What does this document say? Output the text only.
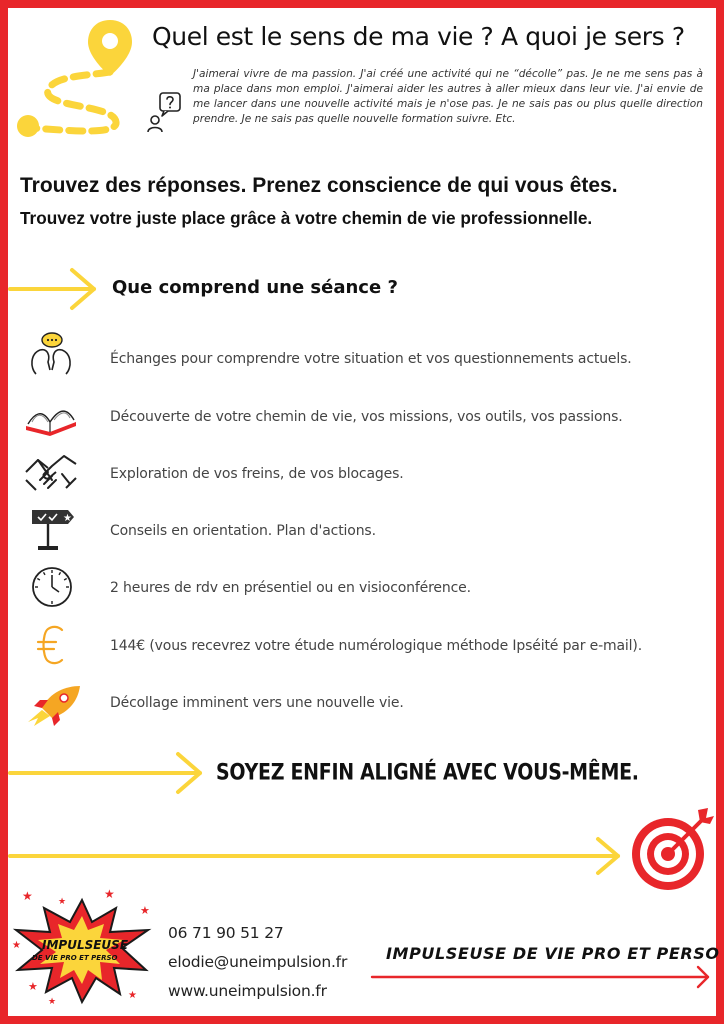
Quel est le sens de ma vie ? A quoi je sers ?
J'aimerai vivre de ma passion. J'ai créé une activité qui ne “décolle” pas. Je ne me sens pas à ma place dans mon emploi. J'aimerai aider les autres à aller mieux dans leur vie. J'ai envie de me lancer dans une nouvelle activité mais je n'ose pas. Je ne sais pas ou plus quelle direction prendre. Je ne sais pas quelle nouvelle formation suivre. Etc.
Trouvez des réponses. Prenez conscience de qui vous êtes.
Trouvez votre juste place grâce à votre chemin de vie professionnelle.
Que comprend une séance ?
Échanges pour comprendre votre situation et vos questionnements actuels.
Découverte de votre chemin de vie, vos missions, vos outils, vos passions.
Exploration de vos freins, de vos blocages.
★
Conseils en orientation. Plan d'actions.
2 heures de rdv en présentiel ou en visioconférence.
144€ (vous recevrez votre étude numérologique méthode Ipséité par e-mail).
Décollage imminent vers une nouvelle vie.
SOYEZ ENFIN ALIGNÉ AVEC VOUS-MÊME.
★	★
★
★
★
★
★
★
IMPULSEUSE
DE VIE PRO ET PERSO
06 71 90 51 27
elodie@uneimpulsion.fr
www.uneimpulsion.fr
IMPULSEUSE DE VIE PRO ET PERSO
